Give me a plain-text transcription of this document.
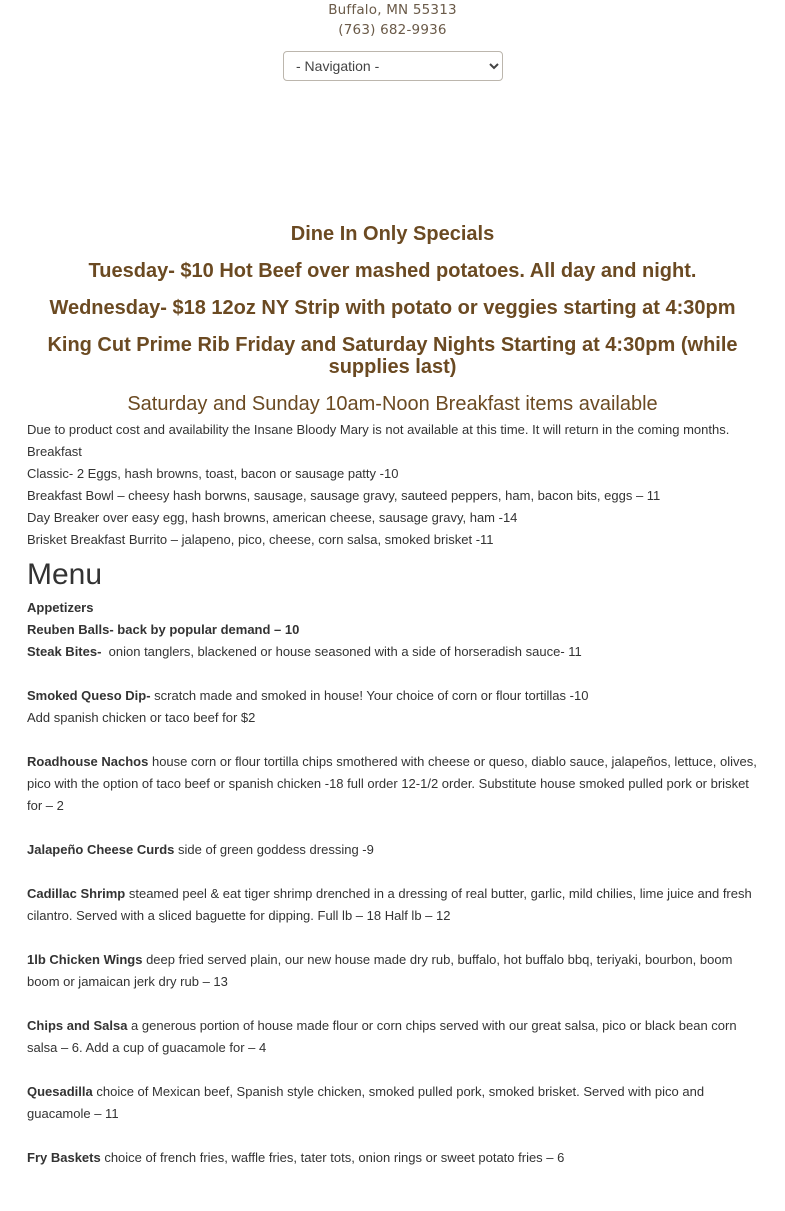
Buffalo, MN 55313
(763) 682-9936
- Navigation -

Dine In Only Specials

Tuesday- $10 Hot Beef over mashed potatoes. All day and night.

Wednesday- $18 12oz NY Strip with potato or veggies starting at 4:30pm

King Cut Prime Rib Friday and Saturday Nights Starting at 4:30pm (while supplies last)

Saturday and Sunday 10am-Noon Breakfast items available

Due to product cost and availability the Insane Bloody Mary is not available at this time. It will return in the coming months.

Breakfast

Classic- 2 Eggs, hash browns, toast, bacon or sausage patty -10

Breakfast Bowl – cheesy hash borwns, sausage, sausage gravy, sauteed peppers, ham, bacon bits, eggs – 11

Day Breaker over easy egg, hash browns, american cheese, sausage gravy, ham -14

Brisket Breakfast Burrito – jalapeno, pico, cheese, corn salsa, smoked brisket -11

Menu

Appetizers

Reuben Balls- back by popular demand – 10

Steak Bites-  onion tanglers, blackened or house seasoned with a side of horseradish sauce- 11

Smoked Queso Dip- scratch made and smoked in house! Your choice of corn or flour tortillas -10

Add spanish chicken or taco beef for $2

Roadhouse Nachos house corn or flour tortilla chips smothered with cheese or queso, diablo sauce, jalapeños, lettuce, olives, pico with the option of taco beef or spanish chicken -18 full order 12-1/2 order. Substitute house smoked pulled pork or brisket for – 2

Jalapeño Cheese Curds side of green goddess dressing -9

Cadillac Shrimp steamed peel & eat tiger shrimp drenched in a dressing of real butter, garlic, mild chilies, lime juice and fresh cilantro. Served with a sliced baguette for dipping. Full lb – 18 Half lb – 12

1lb Chicken Wings deep fried served plain, our new house made dry rub, buffalo, hot buffalo bbq, teriyaki, bourbon, boom boom or jamaican jerk dry rub – 13

Chips and Salsa a generous portion of house made flour or corn chips served with our great salsa, pico or black bean corn salsa – 6. Add a cup of guacamole for – 4

Quesadilla choice of Mexican beef, Spanish style chicken, smoked pulled pork, smoked brisket. Served with pico and guacamole – 11

Fry Baskets choice of french fries, waffle fries, tater tots, onion rings or sweet potato fries – 6
